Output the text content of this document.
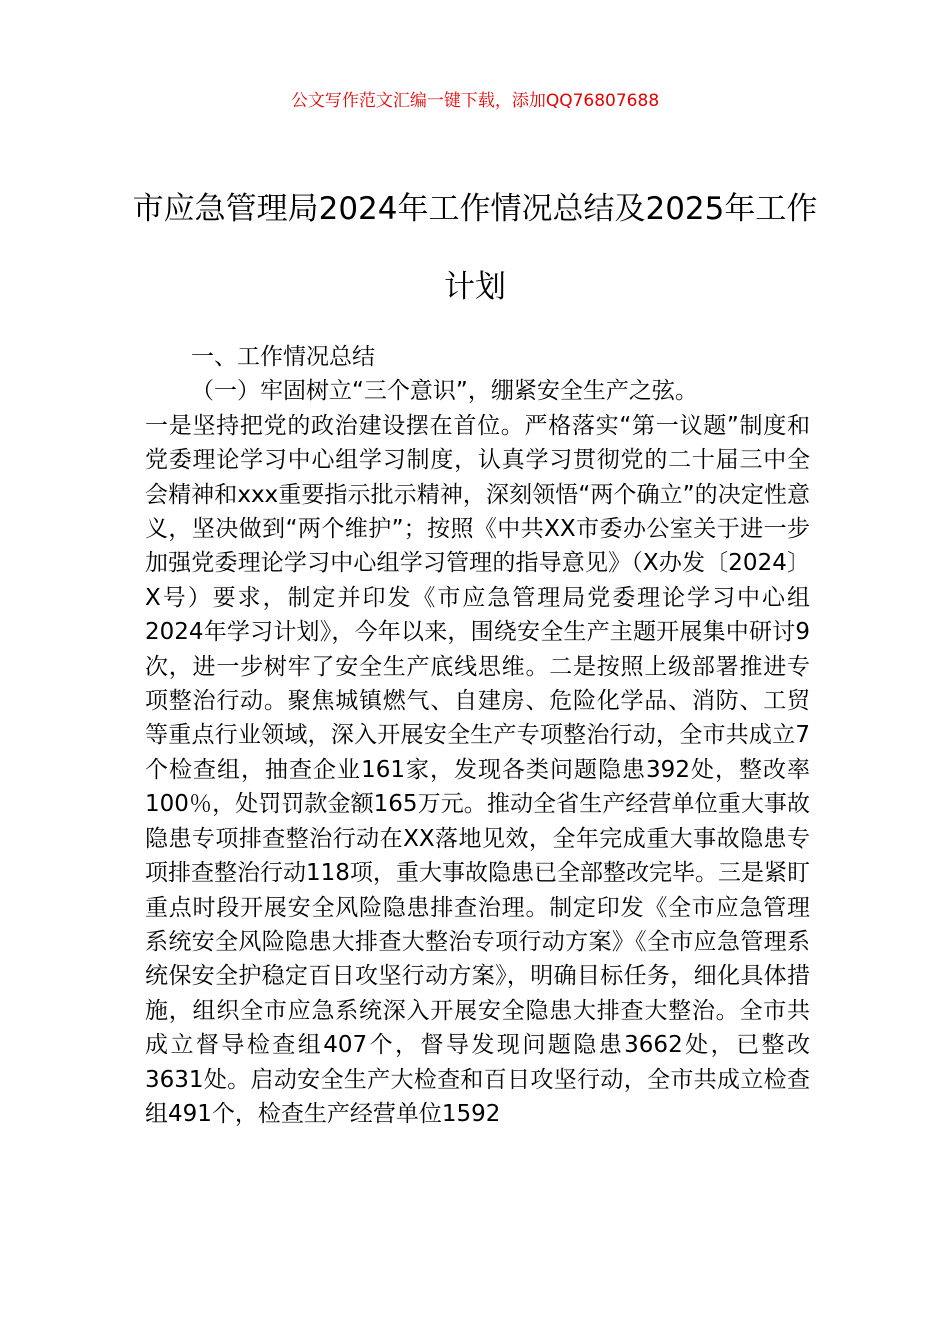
公文写作范文汇编一键下载，添加QQ76807688
市应急管理局2024年工作情况总结及2025年工作计划

一、工作情况总结

（一）牢固树立“三个意识”，绷紧安全生产之弦。

一是坚持把党的政治建设摆在首位。严格落实“第一议题”制度和党委理论学习中心组学习制度，认真学习贯彻党的二十届三中全会精神和xxx重要指示批示精神，深刻领悟“两个确立”的决定性意义，坚决做到“两个维护”；按照《中共XX市委办公室关于进一步加强党委理论学习中心组学习管理的指导意见》（X办发〔2024〕X号）要求，制定并印发《市应急管理局党委理论学习中心组2024年学习计划》，今年以来，围绕安全生产主题开展集中研讨9次，进一步树牢了安全生产底线思维。二是按照上级部署推进专项整治行动。聚焦城镇燃气、自建房、危险化学品、消防、工贸等重点行业领域，深入开展安全生产专项整治行动，全市共成立7个检查组，抽查企业161家，发现各类问题隐患392处，整改率100％，处罚罚款金额165万元。推动全省生产经营单位重大事故隐患专项排查整治行动在XX落地见效，全年完成重大事故隐患专项排查整治行动118项，重大事故隐患已全部整改完毕。三是紧盯重点时段开展安全风险隐患排查治理。制定印发《全市应急管理系统安全风险隐患大排查大整治专项行动方案》《全市应急管理系统保安全护稳定百日攻坚行动方案》，明确目标任务，细化具体措施，组织全市应急系统深入开展安全隐患大排查大整治。全市共成立督导检查组407个，督导发现问题隐患3662处，已整改3631处。启动安全生产大检查和百日攻坚行动，全市共成立检查组491个，检查生产经营单位1592
